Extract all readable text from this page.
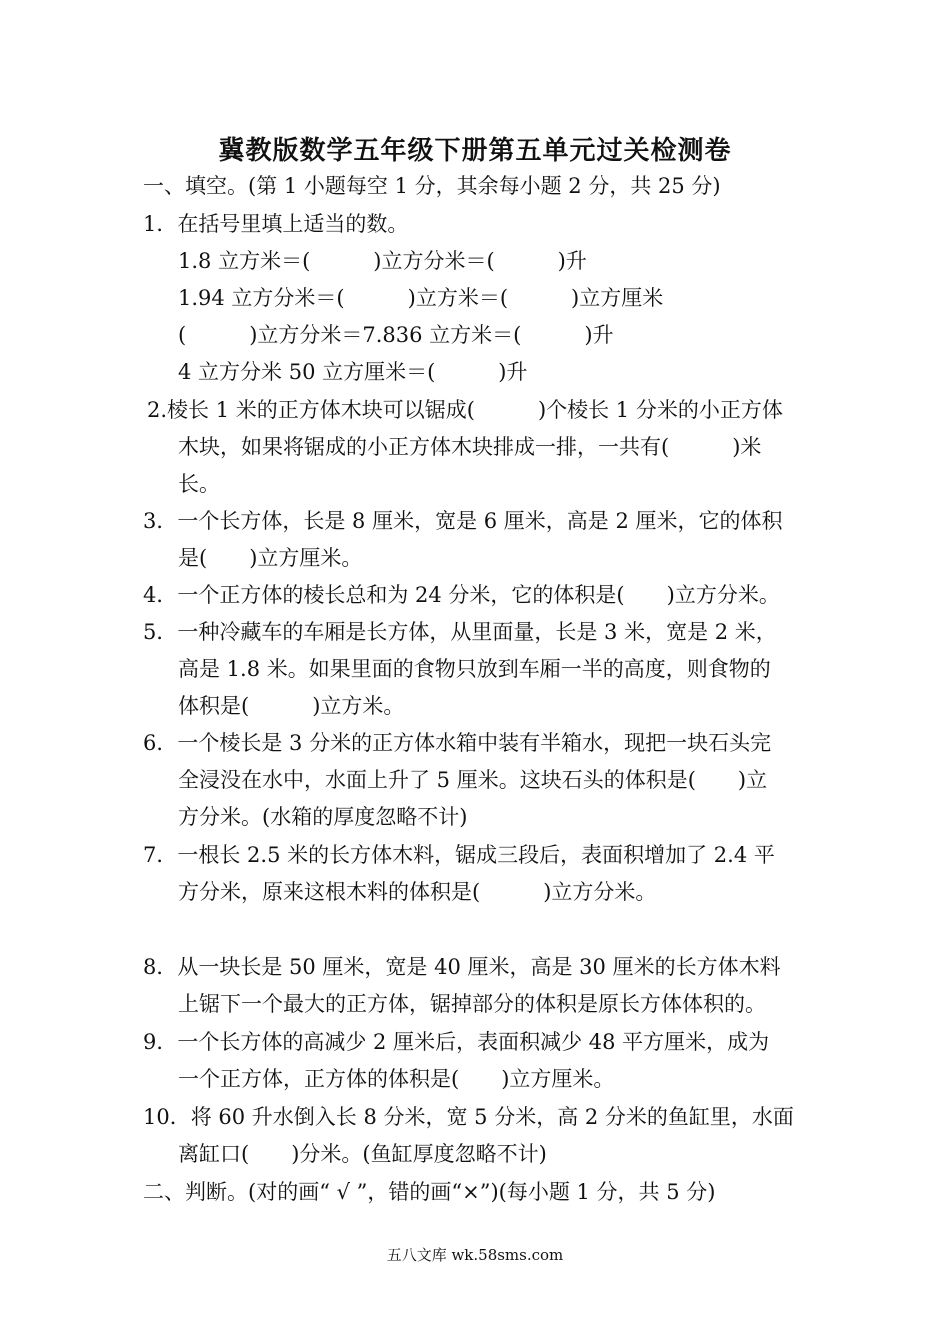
冀教版数学五年级下册第五单元过关检测卷
一、填空。(第 1 小题每空 1 分，其余每小题 2 分，共 25 分)
1．在括号里填上适当的数。
1.8 立方米＝(　　　)立方分米＝(　　　)升
1.94 立方分米＝(　　　)立方米＝(　　　)立方厘米
(　　　)立方分米＝7.836 立方米＝(　　　)升
4 立方分米 50 立方厘米＝(　　　)升
2.棱长 1 米的正方体木块可以锯成(　　　)个棱长 1 分米的小正方体
木块，如果将锯成的小正方体木块排成一排，一共有(　　　)米
长。
3．一个长方体，长是 8 厘米，宽是 6 厘米，高是 2 厘米，它的体积
是(　　)立方厘米。
4．一个正方体的棱长总和为 24 分米，它的体积是(　　)立方分米。
5．一种冷藏车的车厢是长方体，从里面量，长是 3 米，宽是 2 米，
高是 1.8 米。如果里面的食物只放到车厢一半的高度，则食物的
体积是(　　　)立方米。
6．一个棱长是 3 分米的正方体水箱中装有半箱水，现把一块石头完
全浸没在水中，水面上升了 5 厘米。这块石头的体积是(　　)立
方分米。(水箱的厚度忽略不计)
7．一根长 2.5 米的长方体木料，锯成三段后，表面积增加了 2.4 平
方分米，原来这根木料的体积是(　　　)立方分米。
8．从一块长是 50 厘米，宽是 40 厘米，高是 30 厘米的长方体木料
上锯下一个最大的正方体，锯掉部分的体积是原长方体体积的。
9．一个长方体的高减少 2 厘米后，表面积减少 48 平方厘米，成为
一个正方体，正方体的体积是(　　)立方厘米。
10．将 60 升水倒入长 8 分米，宽 5 分米，高 2 分米的鱼缸里，水面
离缸口(　　)分米。(鱼缸厚度忽略不计)
二、判断。(对的画“ √ ”，错的画“×”)(每小题 1 分，共 5 分)
五八文库 wk.58sms.com
